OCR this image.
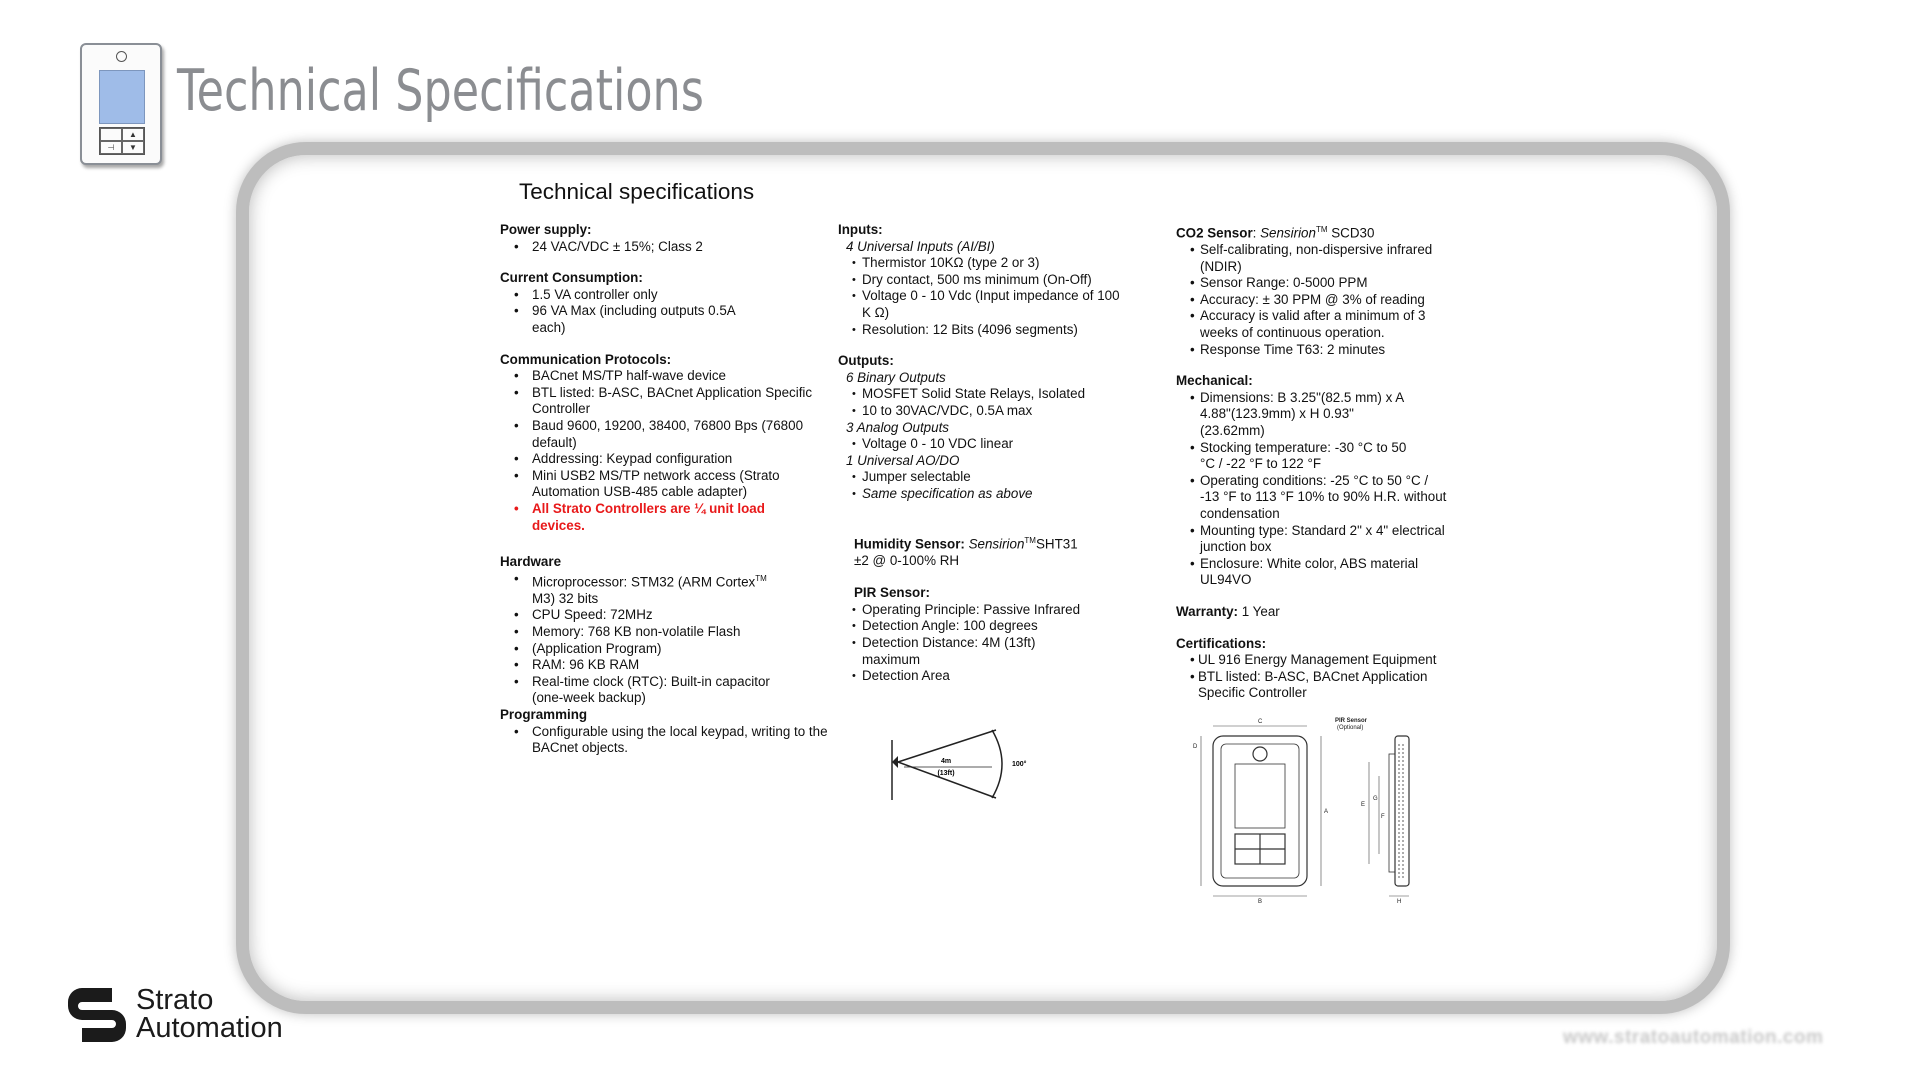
▲
⊣	▼
Technical Specifications
Technical specifications
Power supply:
• 24 VAC/VDC ± 15%; Class 2
Current Consumption:
• 1.5 VA controller only
• 96 VA Max (including outputs 0.5A each)
Communication Protocols:
• BACnet MS/TP half-wave device
• BTL listed: B-ASC, BACnet Application Specific Controller
• Baud 9600, 19200, 38400, 76800 Bps (76800 default)
• Addressing: Keypad configuration
• Mini USB2 MS/TP network access (Strato Automation USB-485 cable adapter)
• All Strato Controllers are ¼ unit load devices.
Hardware
• Microprocessor: STM32 (ARM Cortex™ M3) 32 bits
• CPU Speed: 72MHz
• Memory: 768 KB non-volatile Flash
• (Application Program)
• RAM: 96 KB RAM
• Real-time clock (RTC): Built-in capacitor (one-week backup)
Programming
• Configurable using the local keypad, writing to the BACnet objects.
Inputs:
4 Universal Inputs (AI/BI)
• Thermistor 10KΩ (type 2 or 3)
• Dry contact, 500 ms minimum (On-Off)
• Voltage 0 - 10 Vdc (Input impedance of 100 K Ω)
• Resolution: 12 Bits (4096 segments)
Outputs:
6 Binary Outputs
• MOSFET Solid State Relays, Isolated
• 10 to 30VAC/VDC, 0.5A max
3 Analog Outputs
• Voltage 0 - 10 VDC linear
1 Universal AO/DO
• Jumper selectable
• Same specification as above
Humidity Sensor: Sensirion™SHT31
±2 @ 0-100% RH
PIR Sensor:
• Operating Principle: Passive Infrared
• Detection Angle: 100 degrees
• Detection Distance: 4M (13ft) maximum
• Detection Area
4m
(13ft)
100°
CO2 Sensor: Sensirion™ SCD30
• Self-calibrating, non-dispersive infrared (NDIR)
• Sensor Range: 0-5000 PPM
• Accuracy: ± 30 PPM @ 3% of reading
• Accuracy is valid after a minimum of 3 weeks of continuous operation.
• Response Time T63: 2 minutes
Mechanical:
• Dimensions: B 3.25"(82.5 mm) x A 4.88"(123.9mm) x H 0.93"(23.62mm)
• Stocking temperature: -30 °C to 50 °C / -22 °F to 122 °F
• Operating conditions: -25 °C to 50 °C / -13 °F to 113 °F 10% to 90% H.R. without condensation
• Mounting type: Standard 2" x 4" electrical junction box
• Enclosure: White color, ABS material UL94VO
Warranty: 1 Year
Certifications:
• UL 916 Energy Management Equipment
• BTL listed: B-ASC, BACnet Application Specific Controller
PIR Sensor
(Optional)
C
D
A
E
F
G
B	H
Strato
Automation	www.stratoautomation.com
